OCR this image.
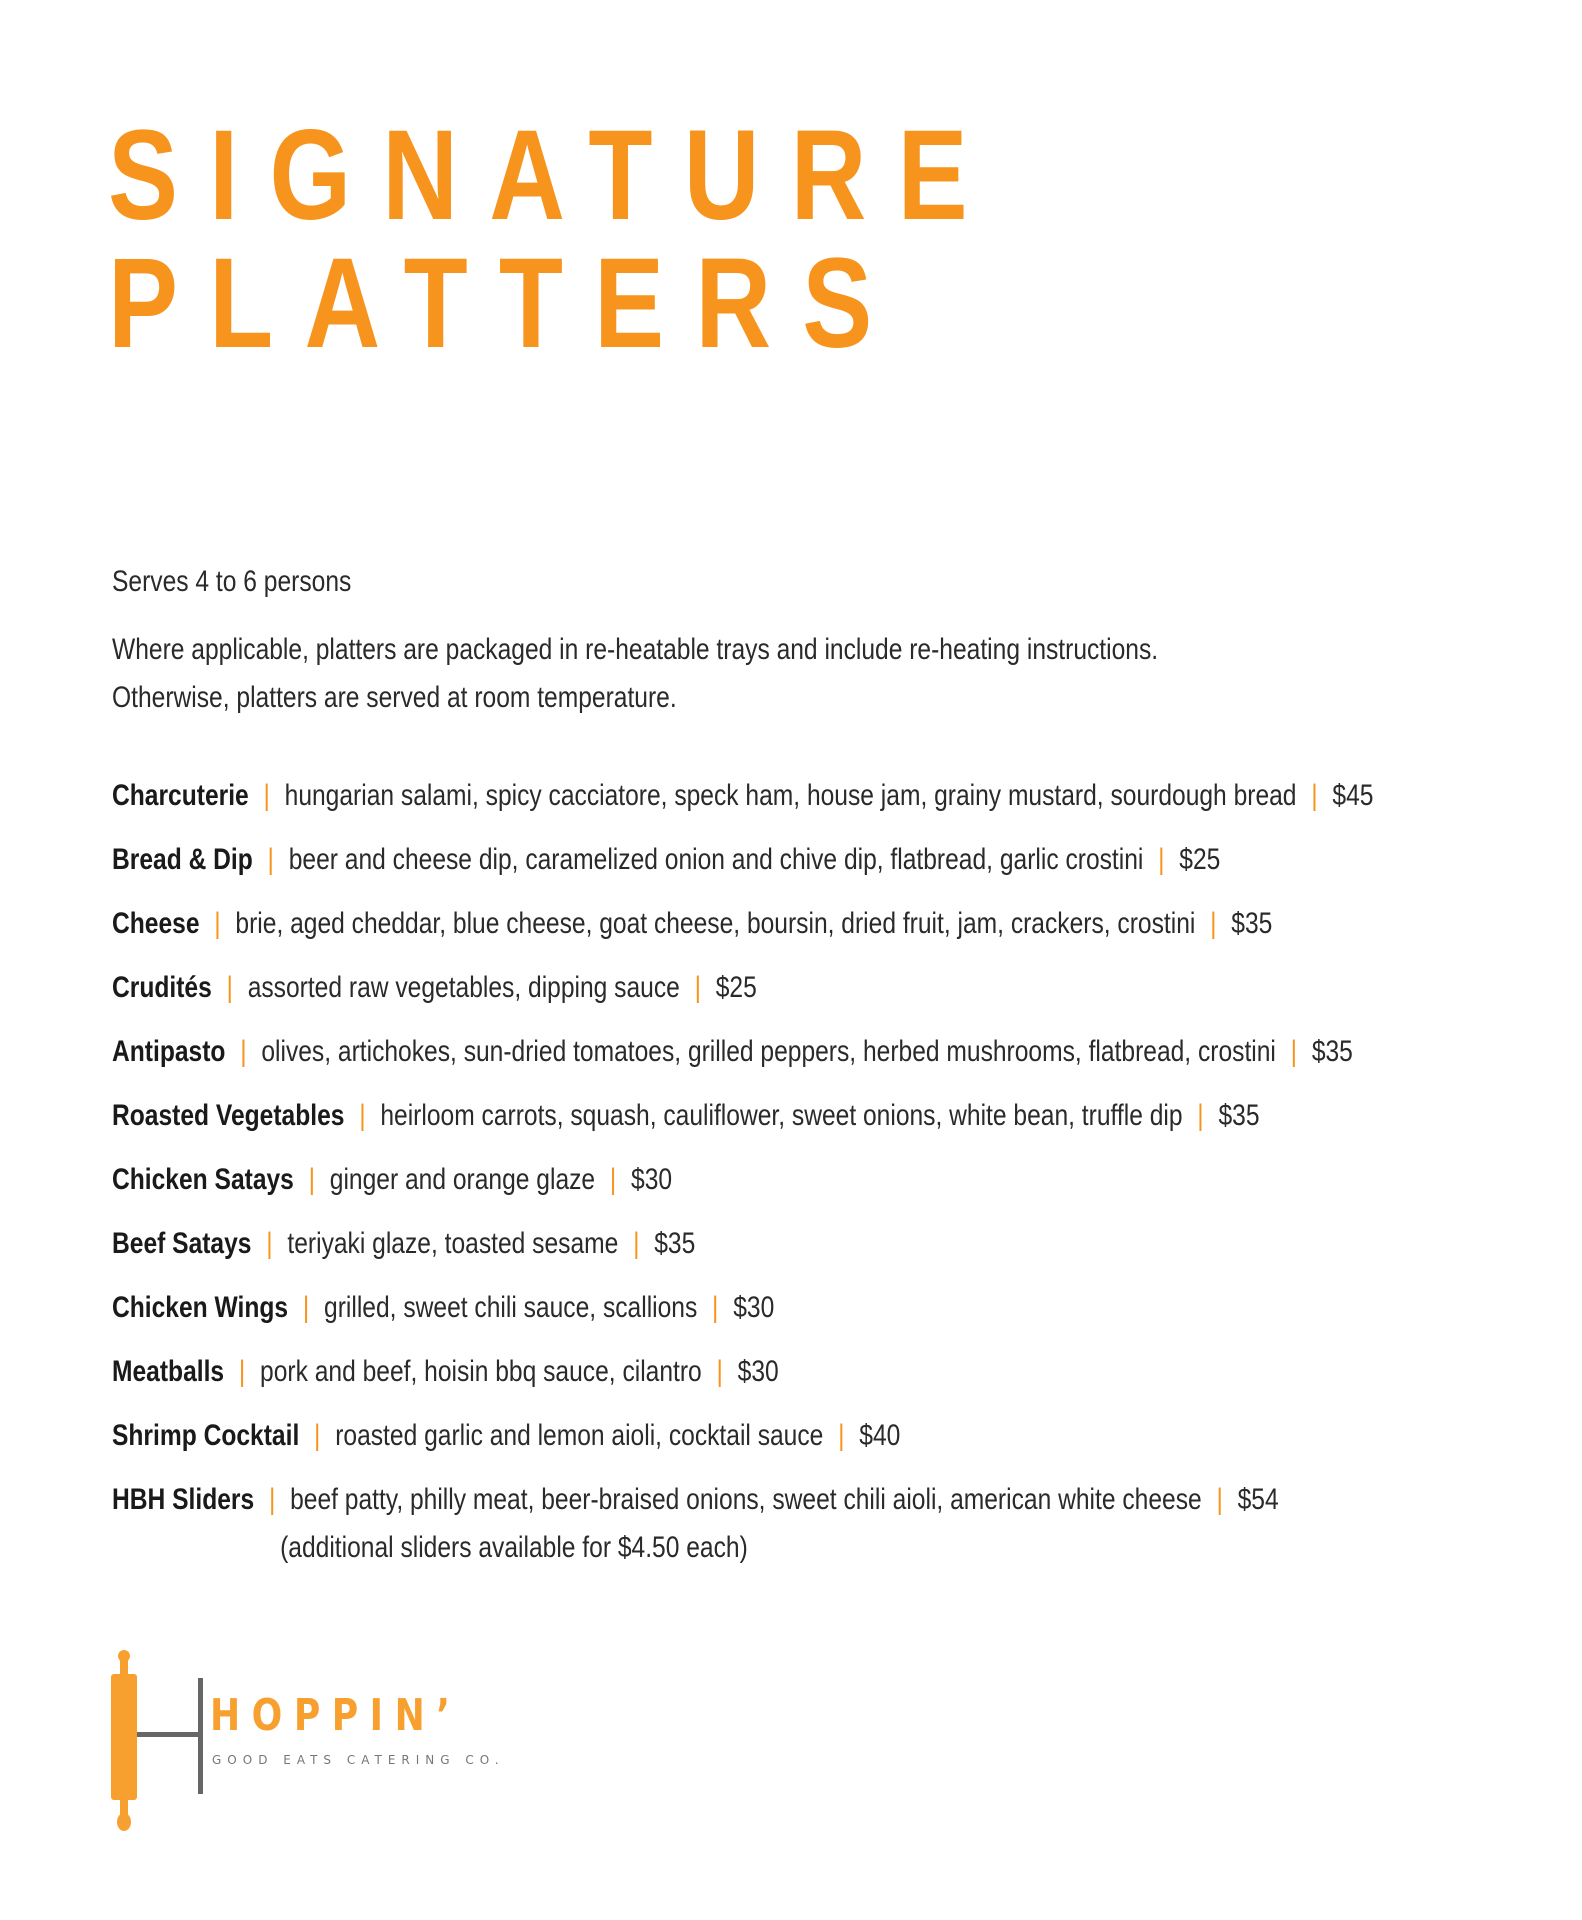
SIGNATURE
PLATTERS

Serves 4 to 6 persons

Where applicable, platters are packaged in re-heatable trays and include re-heating instructions.

Otherwise, platters are served at room temperature.

Charcuterie | hungarian salami, spicy cacciatore, speck ham, house jam, grainy mustard, sourdough bread | $45
Bread & Dip | beer and cheese dip, caramelized onion and chive dip, flatbread, garlic crostini | $25
Cheese | brie, aged cheddar, blue cheese, goat cheese, boursin, dried fruit, jam, crackers, crostini | $35
Crudités | assorted raw vegetables, dipping sauce | $25
Antipasto | olives, artichokes, sun-dried tomatoes, grilled peppers, herbed mushrooms, flatbread, crostini | $35
Roasted Vegetables | heirloom carrots, squash, cauliflower, sweet onions, white bean, truffle dip | $35
Chicken Satays | ginger and orange glaze | $30
Beef Satays | teriyaki glaze, toasted sesame | $35
Chicken Wings | grilled, sweet chili sauce, scallions | $30
Meatballs | pork and beef, hoisin bbq sauce, cilantro | $30
Shrimp Cocktail | roasted garlic and lemon aioli, cocktail sauce | $40
HBH Sliders | beef patty, philly meat, beer-braised onions, sweet chili aioli, american white cheese | $54
(additional sliders available for $4.50 each)
HOPPIN’
GOOD EATS CATERING CO.
